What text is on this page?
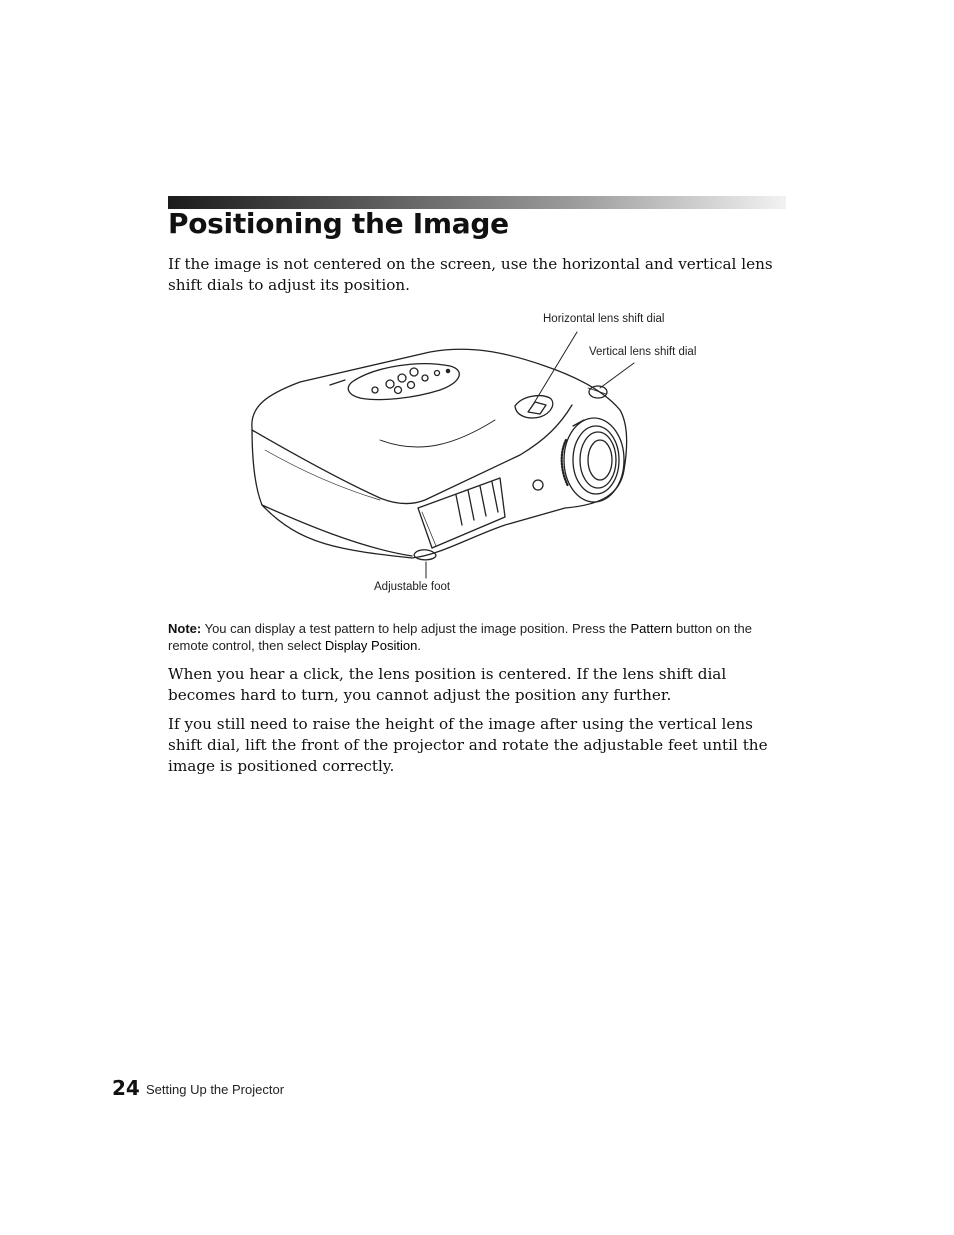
Positioning the Image

If the image is not centered on the screen, use the horizontal and vertical lens shift dials to adjust its position.

Horizontal lens shift dial
Vertical lens shift dial
Adjustable foot

Note: You can display a test pattern to help adjust the image position. Press the Pattern button on the remote control, then select Display Position.

When you hear a click, the lens position is centered. If the lens shift dial becomes hard to turn, you cannot adjust the position any further.

If you still need to raise the height of the image after using the vertical lens shift dial, lift the front of the projector and rotate the adjustable feet until the image is positioned correctly.

24 Setting Up the Projector
